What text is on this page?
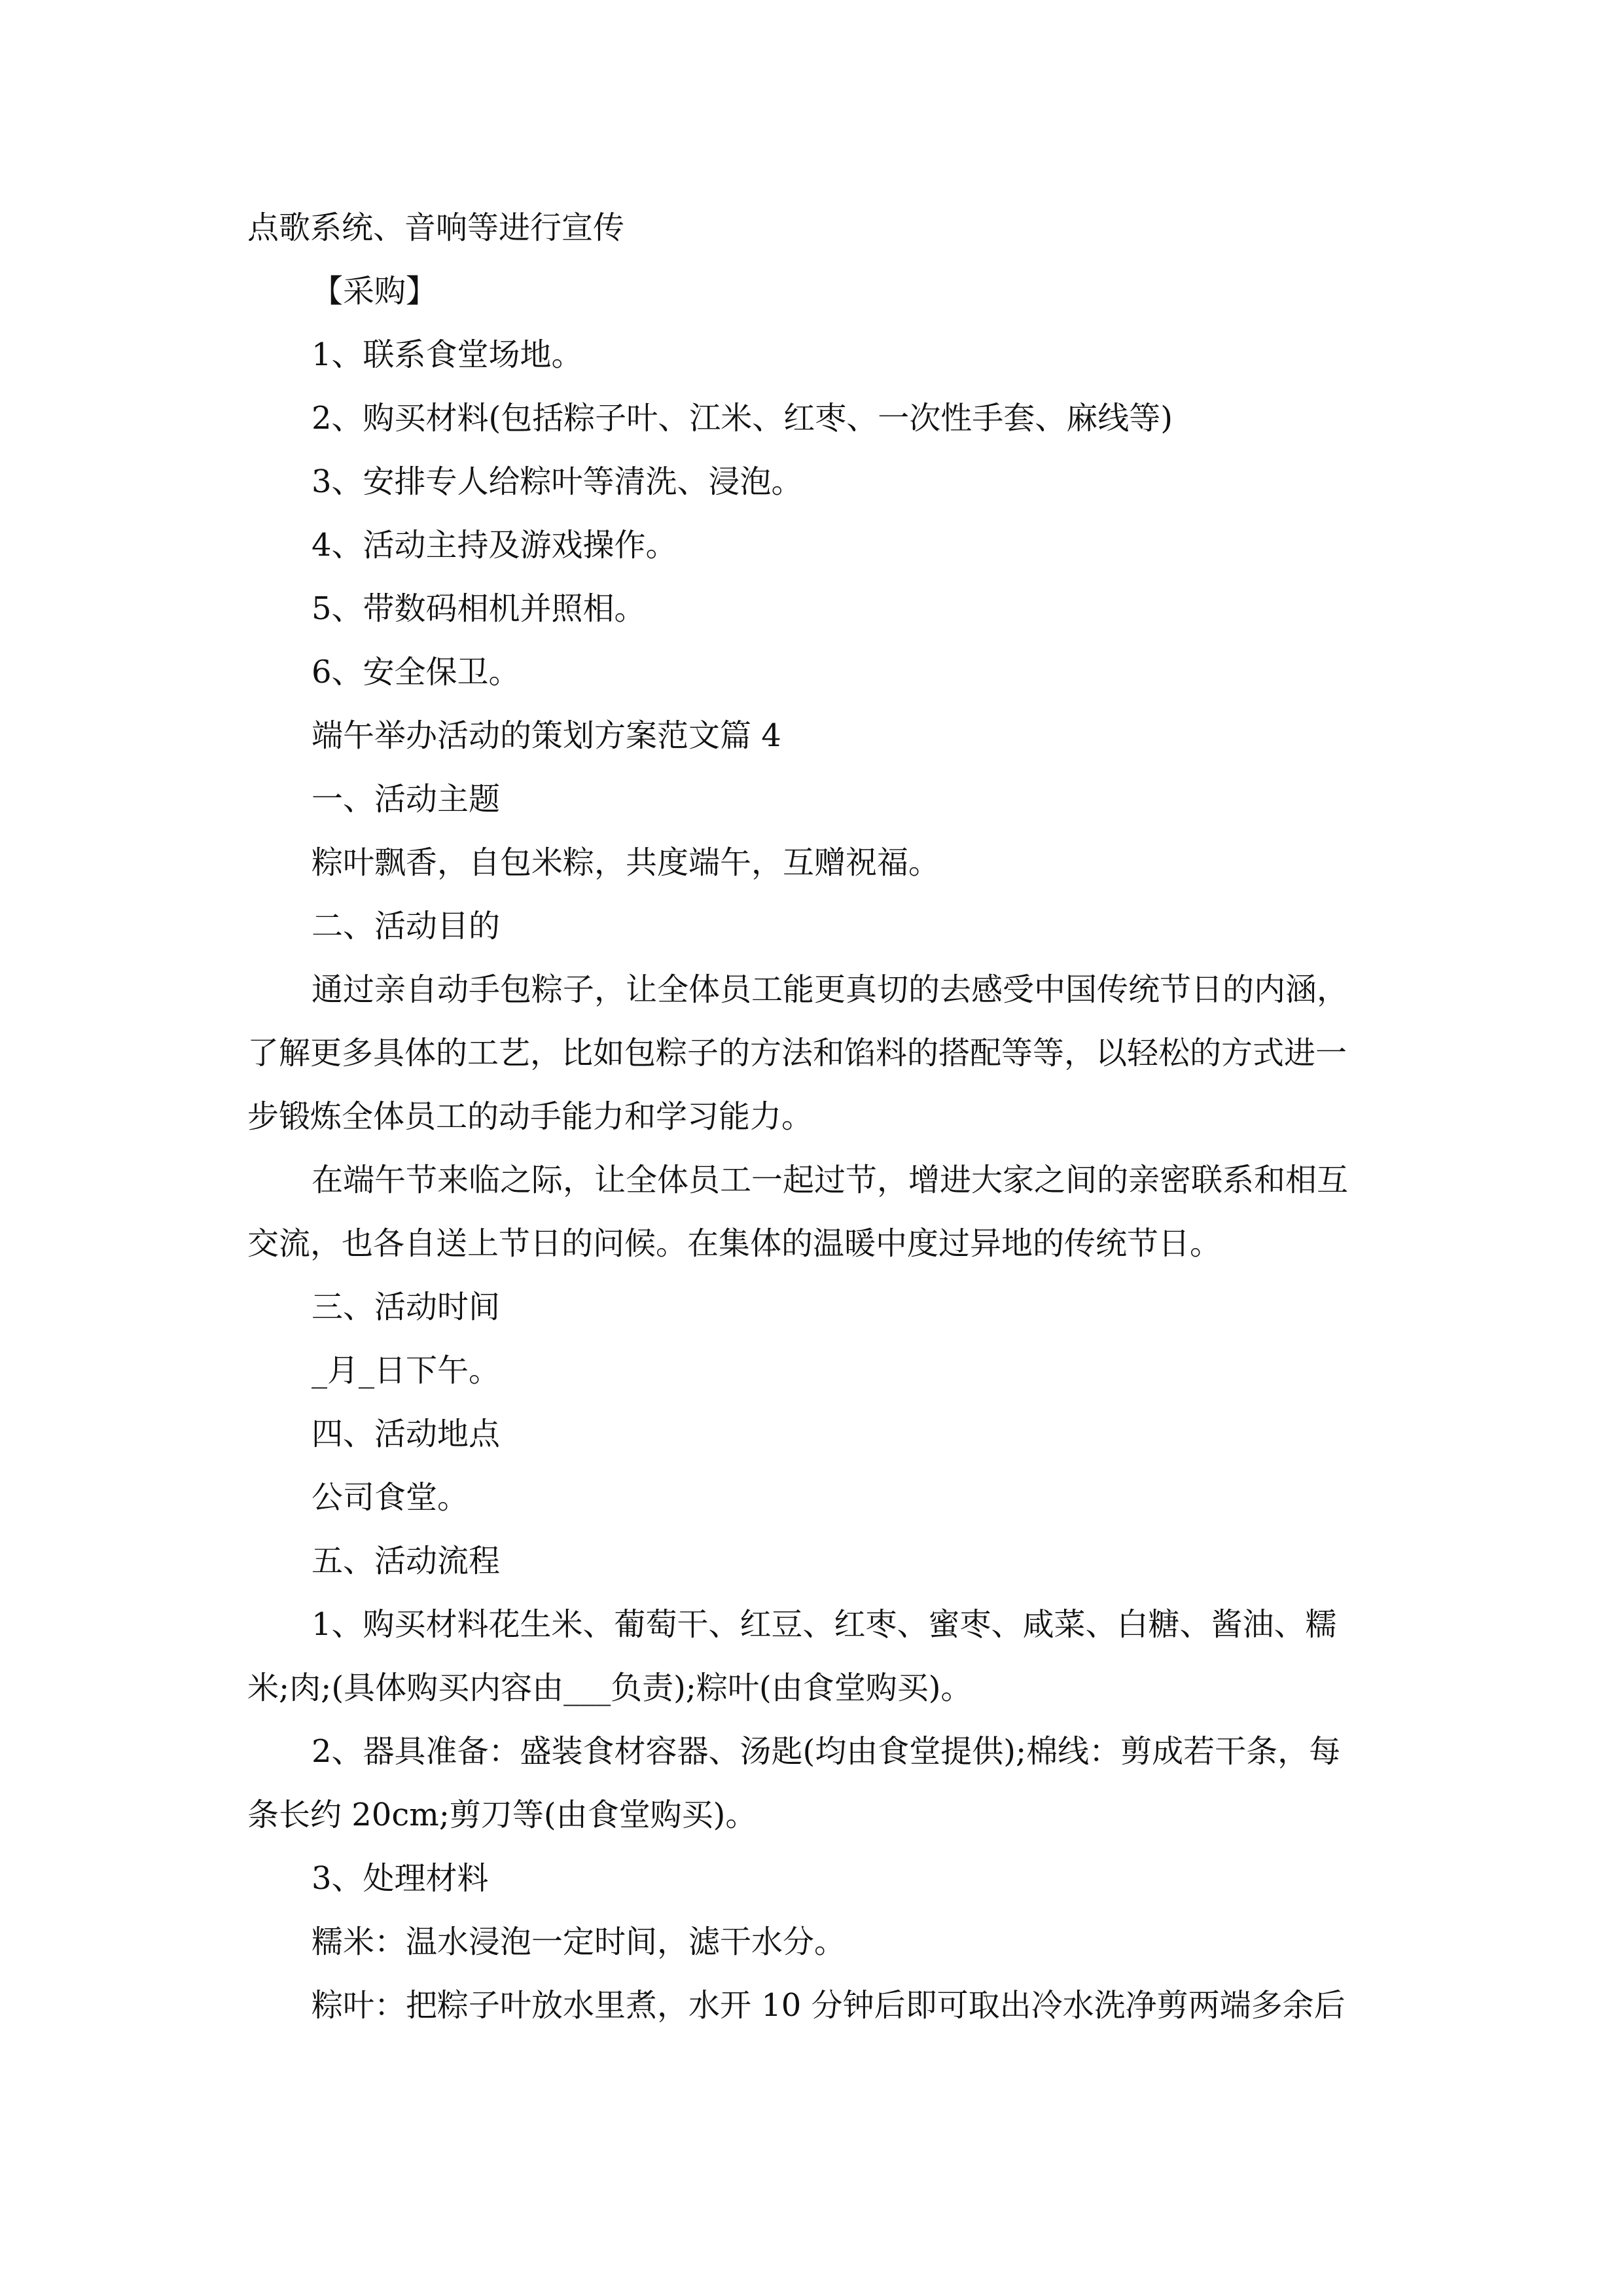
点歌系统、音响等进行宣传
【采购】
1、联系食堂场地。
2、购买材料(包括粽子叶、江米、红枣、一次性手套、麻线等)
3、安排专人给粽叶等清洗、浸泡。
4、活动主持及游戏操作。
5、带数码相机并照相。
6、安全保卫。
端午举办活动的策划方案范文篇 4
一、活动主题
粽叶飘香，自包米粽，共度端午，互赠祝福。
二、活动目的
通过亲自动手包粽子，让全体员工能更真切的去感受中国传统节日的内涵，
了解更多具体的工艺，比如包粽子的方法和馅料的搭配等等，以轻松的方式进一
步锻炼全体员工的动手能力和学习能力。
在端午节来临之际，让全体员工一起过节，增进大家之间的亲密联系和相互
交流，也各自送上节日的问候。在集体的温暖中度过异地的传统节日。
三、活动时间
_月_日下午。
四、活动地点
公司食堂。
五、活动流程
1、购买材料花生米、葡萄干、红豆、红枣、蜜枣、咸菜、白糖、酱油、糯
米;肉;(具体购买内容由___负责);粽叶(由食堂购买)。
2、器具准备：盛装食材容器、汤匙(均由食堂提供);棉线：剪成若干条，每
条长约 20cm;剪刀等(由食堂购买)。
3、处理材料
糯米：温水浸泡一定时间，滤干水分。
粽叶：把粽子叶放水里煮，水开 10 分钟后即可取出冷水洗净剪两端多余后
